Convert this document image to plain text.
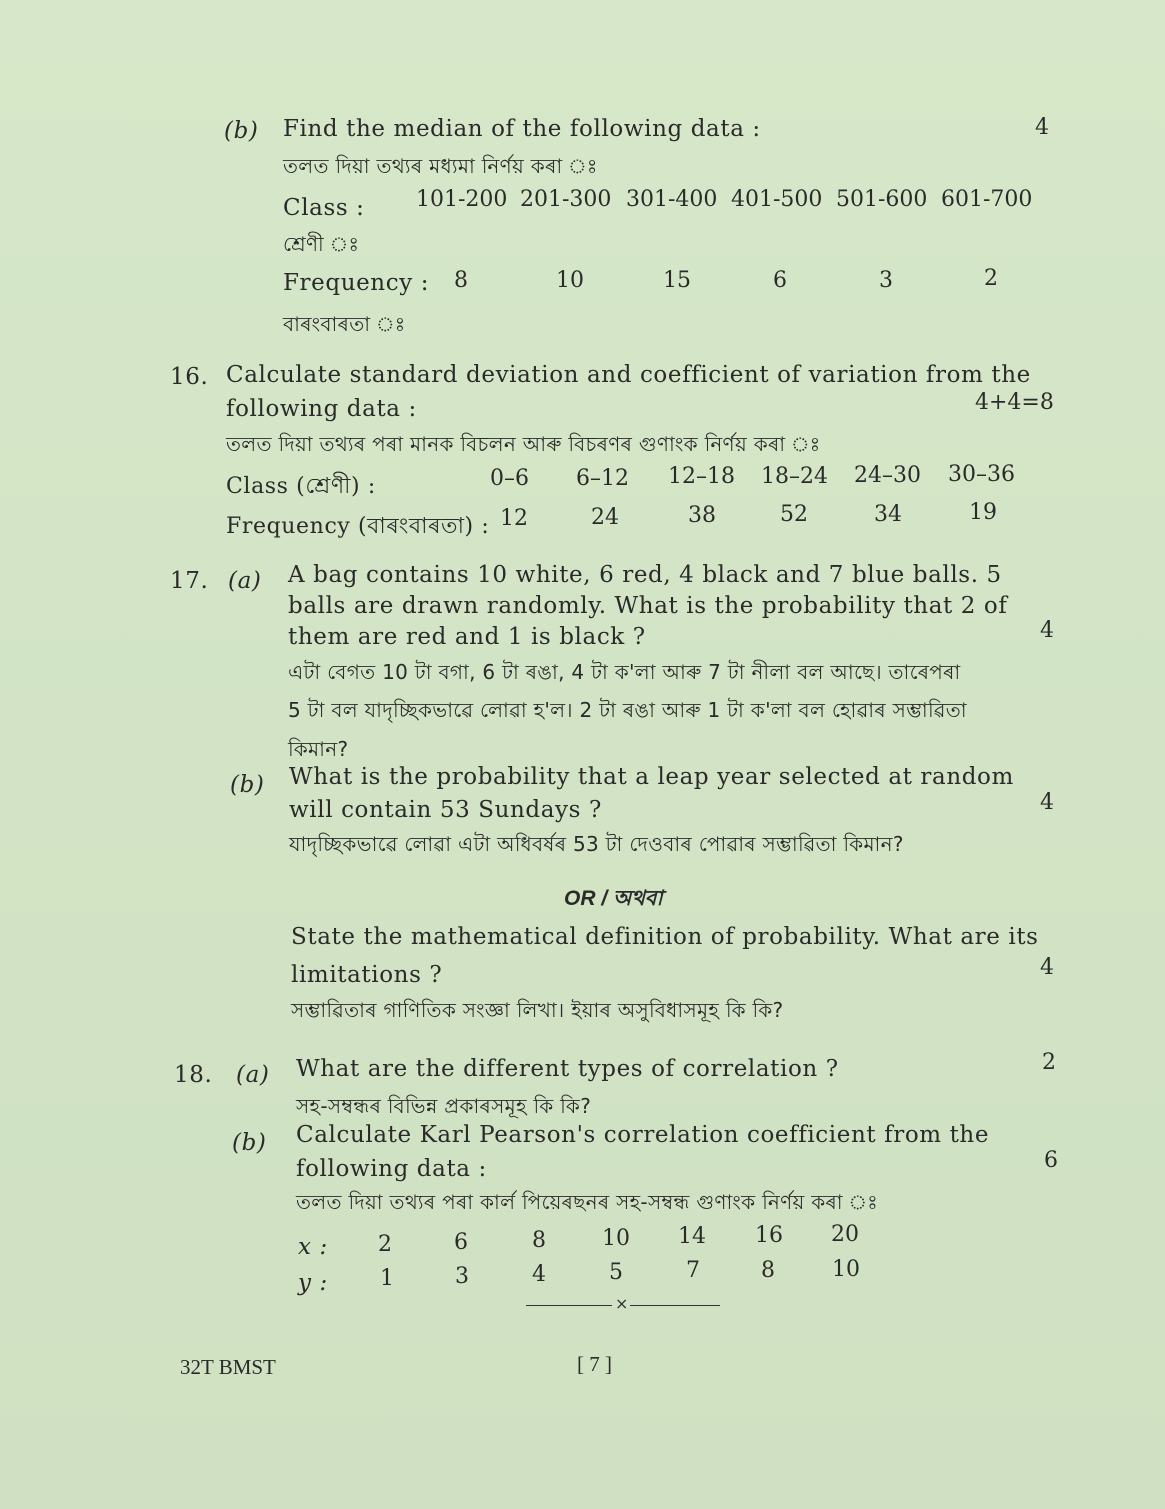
(b) Find the median of the following data :	4
তলত দিয়া তথ্যৰ মধ্যমা নিৰ্ণয় কৰা ঃ
Class : 101-200 201-300 301-400 401-500 501-600 601-700
শ্ৰেণী ঃ
Frequency : 8	10	15	6	3	2
বাৰংবাৰতা ঃ
16. Calculate standard deviation and coefficient of variation from the
following data :	4+4=8
তলত দিয়া তথ্যৰ পৰা মানক বিচলন আৰু বিচৰণৰ গুণাংক নিৰ্ণয় কৰা ঃ
Class (শ্ৰেণী) :	0–6 6–12 12–18 18–24 24–30 30–36
Frequency (বাৰংবাৰতা) : 12	24	38	52	34	19
17. (a) A bag contains 10 white, 6 red, 4 black and 7 blue balls. 5
balls are drawn randomly. What is the probability that 2 of
them are red and 1 is black ?	4
এটা বেগত 10 টা বগা, 6 টা ৰঙা, 4 টা ক'লা আৰু 7 টা নীলা বল আছে। তাৰেপৰা
5 টা বল যাদৃচ্ছিকভাৱে লোৱা হ'ল। 2 টা ৰঙা আৰু 1 টা ক'লা বল হোৱাৰ সম্ভাৱিতা
কিমান?
(b) What is the probability that a leap year selected at random
will contain 53 Sundays ?	4
যাদৃচ্ছিকভাৱে লোৱা এটা অধিবৰ্ষৰ 53 টা দেওবাৰ পোৱাৰ সম্ভাৱিতা কিমান?
OR / অথবা
State the mathematical definition of probability. What are its
limitations ?	4
সম্ভাৱিতাৰ গাণিতিক সংজ্ঞা লিখা। ইয়াৰ অসুবিধাসমূহ কি কি?
18. (a) What are the different types of correlation ?	2
সহ-সম্বন্ধৰ বিভিন্ন প্ৰকাৰসমূহ কি কি?
(b) Calculate Karl Pearson's correlation coefficient from the
following data :	6
তলত দিয়া তথ্যৰ পৰা কাৰ্ল পিয়েৰছনৰ সহ-সম্বন্ধ গুণাংক নিৰ্ণয় কৰা ঃ
x : 2	6	8	10 14 16 20
y : 1	3	4	5	7	8	10
×
32T BMST	[ 7 ]
